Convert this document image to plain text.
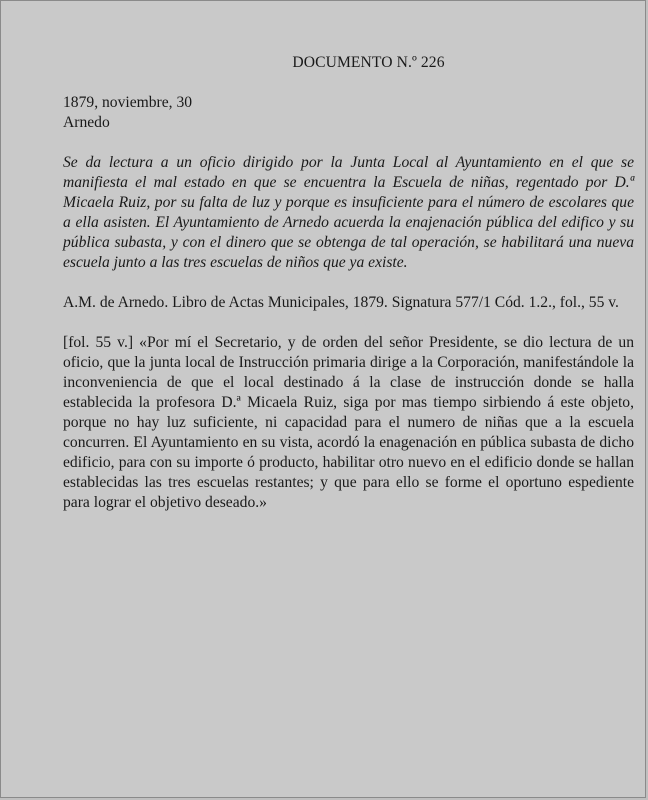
DOCUMENTO N.º 226

1879, noviembre, 30

Arnedo

Se da lectura a un oficio dirigido por la Junta Local al Ayuntamiento en el que se manifiesta el mal estado en que se encuentra la Escuela de niñas, regentado por D.ª Micaela Ruiz, por su falta de luz y porque es insuficiente para el número de escolares que a ella asisten. El Ayuntamiento de Arnedo acuerda la enajenación pública del edifico y su pública subasta, y con el dinero que se obtenga de tal operación, se habilitará una nueva escuela junto a las tres escuelas de niños que ya existe.

A.M. de Arnedo. Libro de Actas Municipales, 1879. Signatura 577/1 Cód. 1.2., fol., 55 v.

[fol. 55 v.] «Por mí el Secretario, y de orden del señor Presidente, se dio lectura de un oficio, que la junta local de Instrucción primaria dirige a la Corporación, manifestándole la inconveniencia de que el local destinado á la clase de instrucción donde se halla establecida la profesora D.ª Micaela Ruiz, siga por mas tiempo sirbiendo á este objeto, porque no hay luz suficiente, ni capacidad para el numero de niñas que a la escuela concurren. El Ayuntamiento en su vista, acordó la enagenación en pública subasta de dicho edificio, para con su importe ó producto, habilitar otro nuevo en el edificio donde se hallan establecidas las tres escuelas restantes; y que para ello se forme el oportuno espediente para lograr el objetivo deseado.»
